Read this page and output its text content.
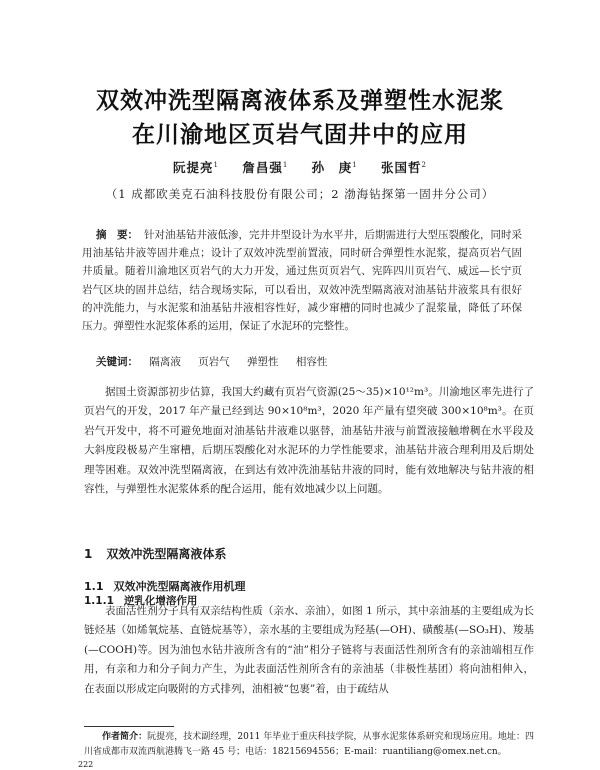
双效冲洗型隔离液体系及弹塑性水泥浆
在川渝地区页岩气固井中的应用
阮提亮$^1$ 詹昌强$^1$ 孙　庚$^1$ 张国哲$^2$
（1 成都欧美克石油科技股份有限公司；2 渤海钻探第一固井分公司）
摘　要： 针对油基钻井液低渗，完井井型设计为水平井，后期需进行大型压裂酸化，同时采用油基钻井液等固井难点；设计了双效冲洗型前置液，同时研合弹塑性水泥浆，提高页岩气固井质量。随着川渝地区页岩气的大力开发，通过焦页页岩气、宪阵四川页岩气、威远—长宁页岩气区块的固井总结，结合现场实际，可以看出，双效冲洗型隔离液对油基钻井液浆具有很好的冲洗能力，与水泥浆和油基钻井液相容性好，减少窜槽的同时也减少了混浆量，降低了环保压力。弹塑性水泥浆体系的运用，保证了水泥环的完整性。
关键词： 隔离液 页岩气 弹塑性 相容性
据国土资源部初步估算，我国大约藏有页岩气资源(25～35)×10¹²m³。川渝地区率先进行了页岩气的开发，2017 年产量已经到达 90×10⁸m³，2020 年产量有望突破 300×10⁸m³。在页岩气开发中，将不可避免地面对油基钻井液难以驱替，油基钻井液与前置液接触增稠在水平段及大斜度段极易产生窜槽，后期压裂酸化对水泥环的力学性能要求，油基钻井液合理利用及后期处理等困难。双效冲洗型隔离液，在到达有效冲洗油基钻井液的同时，能有效地解决与钻井液的相容性，与弹塑性水泥浆体系的配合运用，能有效地减少以上问题。
1 双效冲洗型隔离液体系
1.1 双效冲洗型隔离液作用机理
1.1.1 逆乳化增溶作用
表面活性剂分子具有双亲结构性质（亲水、亲油），如图 1 所示，其中亲油基的主要组成为长链烃基（如烯氧烷基、直链烷基等），亲水基的主要组成为羟基(—OH)、磺酸基(—SO₃H)、羧基(—COOH)等。因为油包水钻井液所含有的“油”相分子链将与表面活性剂所含有的亲油端相互作用，有亲和力和分子间力产生，为此表面活性剂所含有的亲油基（非极性基团）将向油相伸入，在表面以形成定向吸附的方式排列，油相被“包裹”着，由于疏结从
作者简介：阮提亮，技术副经理，2011 年毕业于重庆科技学院，从事水泥浆体系研究和现场应用。地址：四川省成都市双流西航港腾飞一路 45 号；电话：18215694556；E-mail：ruantiliang@omex.net.cn。
222
